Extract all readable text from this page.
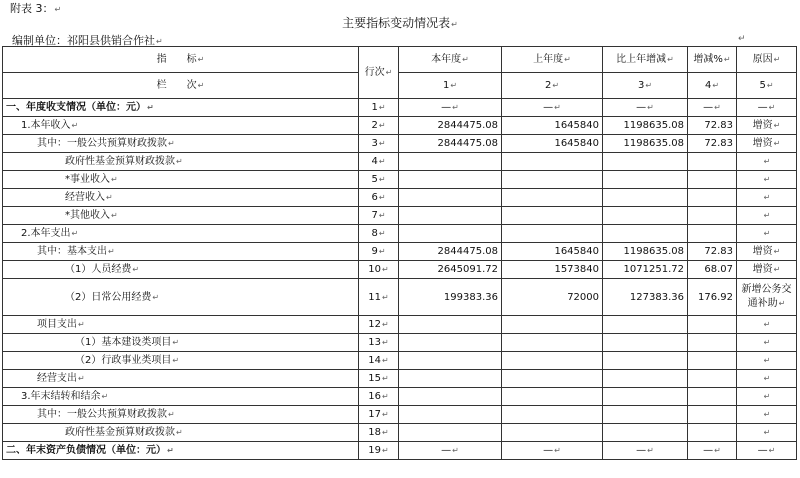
附表 3：↵
主要指标变动情况表↵
编制单位：祁阳县供销合作社↵	↵
指　　标↵	行次↵	本年度↵	上年度↵	比上年增减↵	增减%↵	原因↵
栏　　次↵		1↵	2↵	3↵	4↵	5↵
一、年度收支情况（单位：元）↵	1↵	—↵	—↵	—↵	—↵	—↵
1.本年收入↵	2↵	2844475.08	1645840	1198635.08	72.83	增资↵
其中：一般公共预算财政拨款↵	3↵	2844475.08	1645840	1198635.08	72.83	增资↵
政府性基金预算财政拨款↵	4↵					↵
*事业收入↵	5↵					↵
经营收入↵	6↵					↵
*其他收入↵	7↵					↵
2.本年支出↵	8↵					↵
其中：基本支出↵	9↵	2844475.08	1645840	1198635.08	72.83	增资↵
（1）人员经费↵	10↵	2645091.72	1573840	1071251.72	68.07	增资↵
（2）日常公用经费↵	11↵	199383.36	72000	127383.36	176.92	新增公务交通补助↵
项目支出↵	12↵					↵
（1）基本建设类项目↵	13↵					↵
（2）行政事业类项目↵	14↵					↵
经营支出↵	15↵					↵
3.年末结转和结余↵	16↵					↵
其中：一般公共预算财政拨款↵	17↵					↵
政府性基金预算财政拨款↵	18↵					↵
二、年末资产负债情况（单位：元）↵	19↵	—↵	—↵	—↵	—↵	—↵
